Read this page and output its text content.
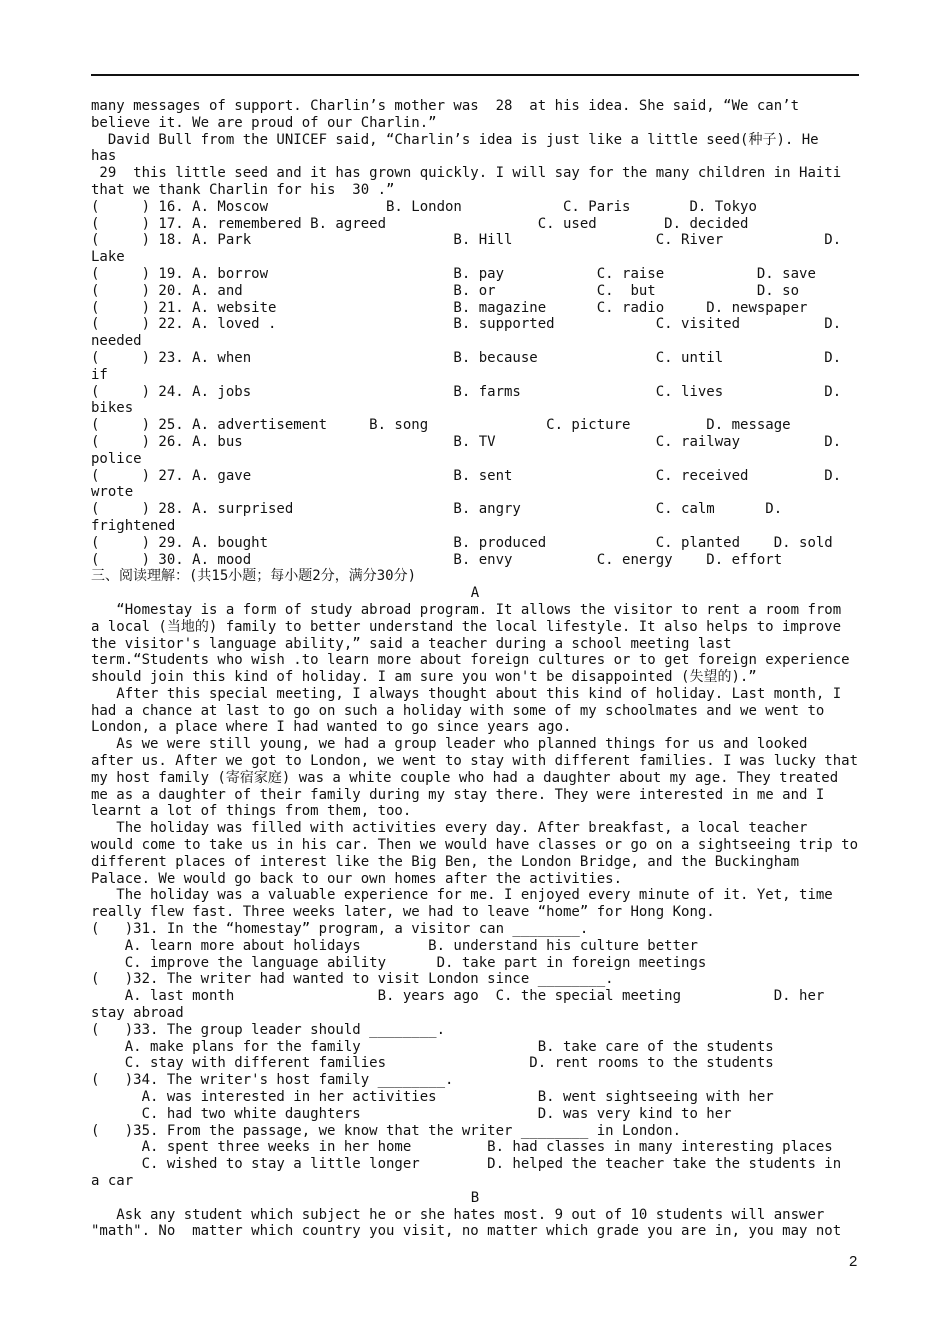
many messages of support. Charlin’s mother was  28  at his idea. She said, “We can’t
believe it. We are proud of our Charlin.”
David Bull from the UNICEF said, “Charlin’s idea is just like a little seed(种子). He
has
29  this little seed and it has grown quickly. I will say for the many children in Haiti
that we thank Charlin for his  30 .”
(     ) 16. A. Moscow              B. London            C. Paris       D. Tokyo
(     ) 17. A. remembered B. agreed                  C. used        D. decided
(     ) 18. A. Park                        B. Hill                 C. River            D.
Lake
(     ) 19. A. borrow                      B. pay           C. raise           D. save
(     ) 20. A. and                         B. or            C.  but            D. so
(     ) 21. A. website                     B. magazine      C. radio     D. newspaper
(     ) 22. A. loved .                     B. supported            C. visited          D.
needed
(     ) 23. A. when                        B. because              C. until            D.
if
(     ) 24. A. jobs                        B. farms                C. lives            D.
bikes
(     ) 25. A. advertisement     B. song              C. picture         D. message
(     ) 26. A. bus                         B. TV                   C. railway          D.
police
(     ) 27. A. gave                        B. sent                 C. received         D.
wrote
(     ) 28. A. surprised                   B. angry                C. calm      D.
frightened
(     ) 29. A. bought                      B. produced             C. planted    D. sold
(     ) 30. A. mood                        B. envy          C. energy    D. effort
三、阅读理解：(共15小题；每小题2分，满分30分)
A
“Homestay is a form of study abroad program. It allows the visitor to rent a room from
a local (当地的) family to better understand the local lifestyle. It also helps to improve
the visitor's language ability,” said a teacher during a school meeting last
term.“Students who wish .to learn more about foreign cultures or to get foreign experience
should join this kind of holiday. I am sure you won't be disappointed (失望的).”
After this special meeting, I always thought about this kind of holiday. Last month, I
had a chance at last to go on such a holiday with some of my schoolmates and we went to
London, a place where I had wanted to go since years ago.
As we were still young, we had a group leader who planned things for us and looked
after us. After we got to London, we went to stay with different families. I was lucky that
my host family (寄宿家庭) was a white couple who had a daughter about my age. They treated
me as a daughter of their family during my stay there. They were interested in me and I
learnt a lot of things from them, too.
The holiday was filled with activities every day. After breakfast, a local teacher
would come to take us in his car. Then we would have classes or go on a sightseeing trip to
different places of interest like the Big Ben, the London Bridge, and the Buckingham
Palace. We would go back to our own homes after the activities.
The holiday was a valuable experience for me. I enjoyed every minute of it. Yet, time
really flew fast. Three weeks later, we had to leave “home” for Hong Kong.
(   )31. In the “homestay” program, a visitor can ________.
A. learn more about holidays        B. understand his culture better
C. improve the language ability      D. take part in foreign meetings
(   )32. The writer had wanted to visit London since ________.
A. last month                 B. years ago  C. the special meeting           D. her
stay abroad
(   )33. The group leader should ________.
A. make plans for the family                     B. take care of the students
C. stay with different families                 D. rent rooms to the students
(   )34. The writer's host family ________.
A. was interested in her activities            B. went sightseeing with her
C. had two white daughters                     D. was very kind to her
(   )35. From the passage, we know that the writer ________ in London.
A. spent three weeks in her home         B. had classes in many interesting places
C. wished to stay a little longer        D. helped the teacher take the students in
a car
B
Ask any student which subject he or she hates most. 9 out of 10 students will answer
"math". No  matter which country you visit, no matter which grade you are in, you may not
2
